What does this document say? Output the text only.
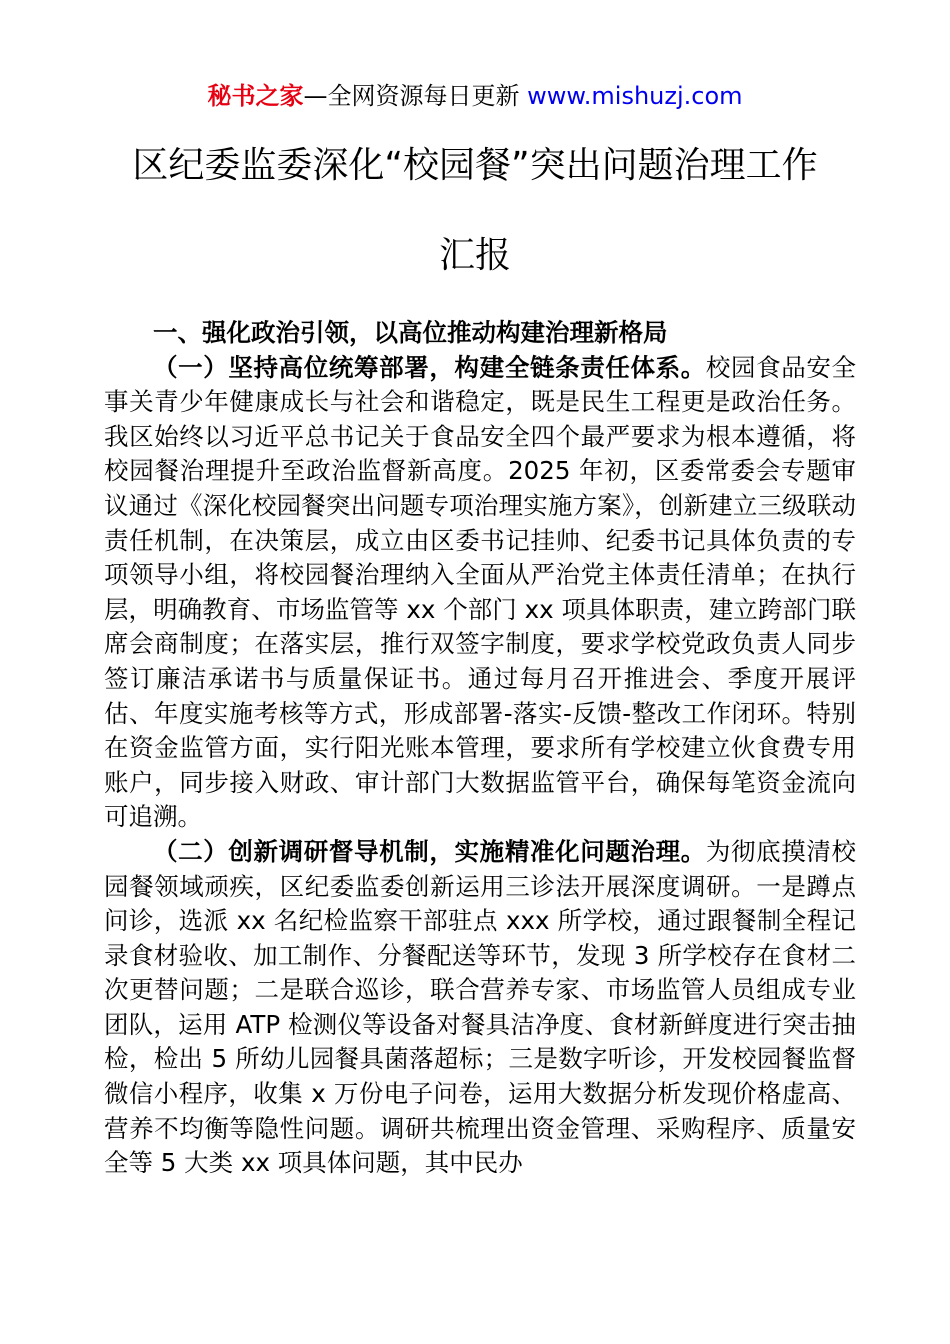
秘书之家—全网资源每日更新 www.mishuzj.com
区纪委监委深化“校园餐”突出问题治理工作
汇报

一、强化政治引领，以高位推动构建治理新格局

（一）坚持高位统筹部署，构建全链条责任体系。校园食品安全事关青少年健康成长与社会和谐稳定，既是民生工程更是政治任务。我区始终以习近平总书记关于食品安全四个最严要求为根本遵循，将校园餐治理提升至政治监督新高度。2025 年初，区委常委会专题审议通过《深化校园餐突出问题专项治理实施方案》，创新建立三级联动责任机制，在决策层，成立由区委书记挂帅、纪委书记具体负责的专项领导小组，将校园餐治理纳入全面从严治党主体责任清单；在执行层，明确教育、市场监管等 xx 个部门 xx 项具体职责，建立跨部门联席会商制度；在落实层，推行双签字制度，要求学校党政负责人同步签订廉洁承诺书与质量保证书。通过每月召开推进会、季度开展评估、年度实施考核等方式，形成部署-落实-反馈-整改工作闭环。特别在资金监管方面，实行阳光账本管理，要求所有学校建立伙食费专用账户，同步接入财政、审计部门大数据监管平台，确保每笔资金流向可追溯。

（二）创新调研督导机制，实施精准化问题治理。为彻底摸清校园餐领域顽疾，区纪委监委创新运用三诊法开展深度调研。一是蹲点问诊，选派 xx 名纪检监察干部驻点 xxx 所学校，通过跟餐制全程记录食材验收、加工制作、分餐配送等环节，发现 3 所学校存在食材二次更替问题；二是联合巡诊，联合营养专家、市场监管人员组成专业团队，运用 ATP 检测仪等设备对餐具洁净度、食材新鲜度进行突击抽检，检出 5 所幼儿园餐具菌落超标；三是数字听诊，开发校园餐监督微信小程序，收集 x 万份电子问卷，运用大数据分析发现价格虚高、营养不均衡等隐性问题。调研共梳理出资金管理、采购程序、质量安全等 5 大类 xx 项具体问题，其中民办
